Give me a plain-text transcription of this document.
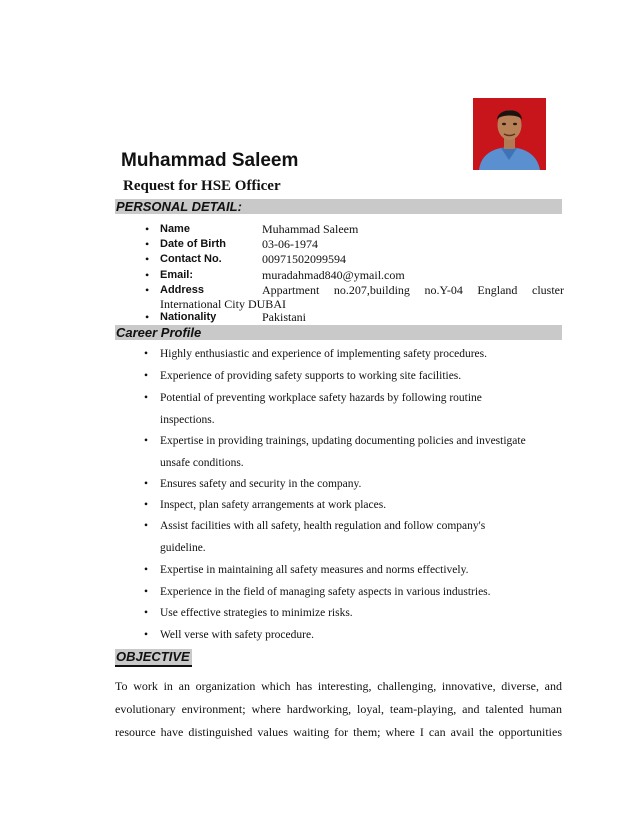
Muhammad Saleem
Request for HSE Officer
PERSONAL DETAIL:
• Name	Muhammad Saleem
• Date of Birth	03-06-1974
• Contact No.	00971502099594
• Email:	muradahmad840@ymail.com
• Address	Appartment no.207,building no.Y-04 England cluster
International City DUBAI
• Nationality	Pakistani
Career Profile
• Highly enthusiastic and experience of implementing safety procedures.
• Experience of providing safety supports to working site facilities.
• Potential of preventing workplace safety hazards by following routine
inspections.
• Expertise in providing trainings, updating documenting policies and investigate
unsafe conditions.
• Ensures safety and security in the company.
• Inspect, plan safety arrangements at work places.
• Assist facilities with all safety, health regulation and follow company's
guideline.
• Expertise in maintaining all safety measures and norms effectively.
• Experience in the field of managing safety aspects in various industries.
• Use effective strategies to minimize risks.
• Well verse with safety procedure.
OBJECTIVE
To work in an organization which has interesting, challenging, innovative, diverse, and
evolutionary environment; where hardworking, loyal, team-playing, and talented human
resource have distinguished values waiting for them; where I can avail the opportunities
